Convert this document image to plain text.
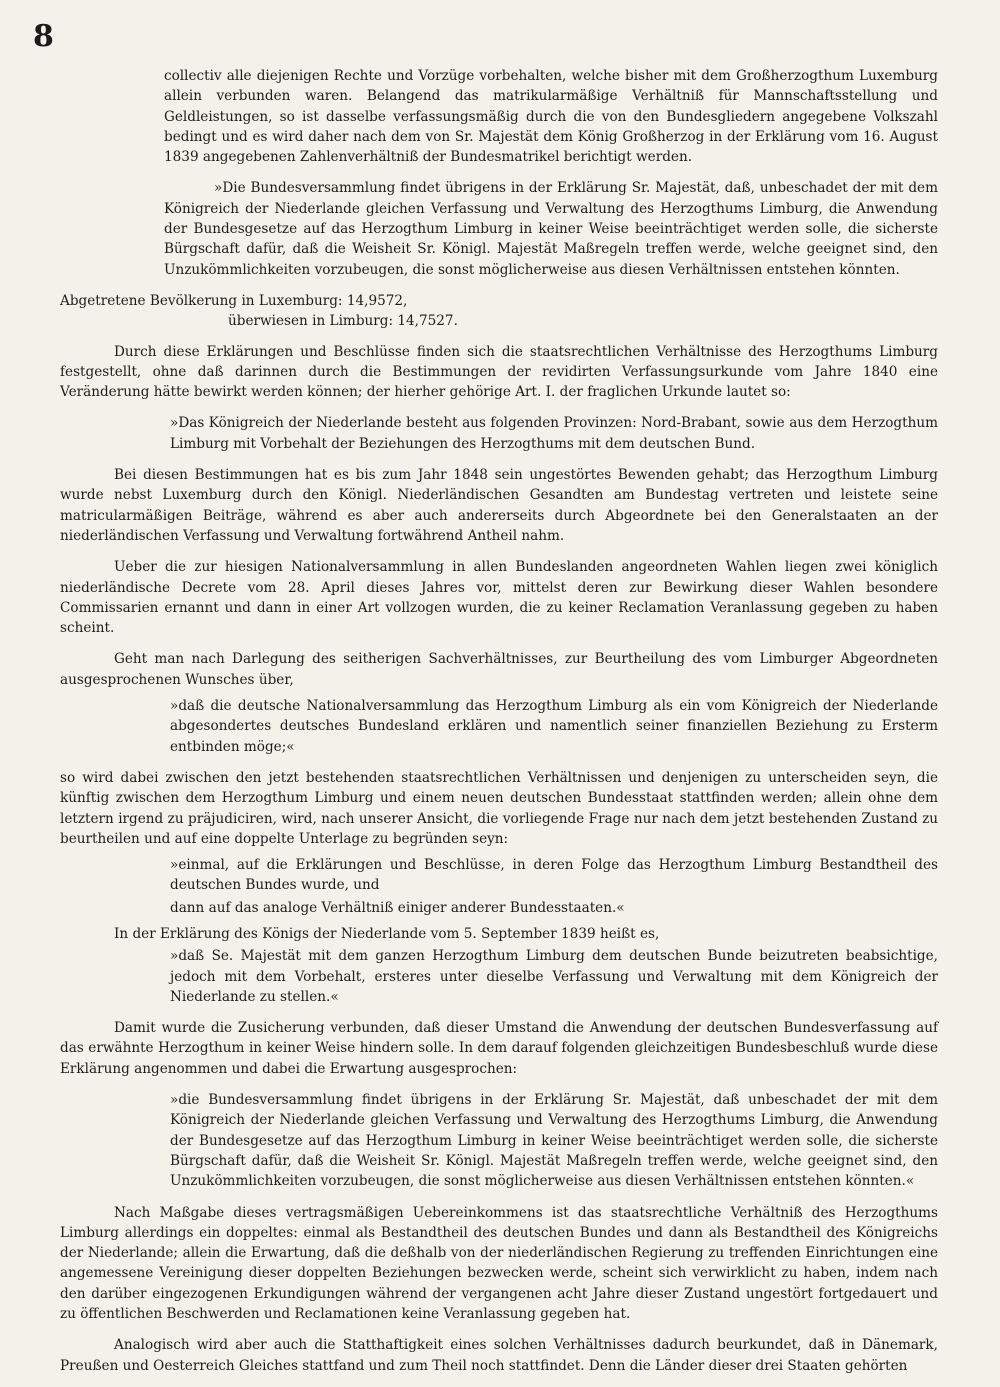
8

collectiv alle diejenigen Rechte und Vorzüge vorbehalten, welche bisher mit dem Großherzogthum Luxemburg allein verbunden waren. Belangend das matrikularmäßige Verhältniß für Mannschaftsstellung und Geldleistungen, so ist dasselbe verfassungsmäßig durch die von den Bundesgliedern angegebene Volkszahl bedingt und es wird daher nach dem von Sr. Majestät dem König Großherzog in der Erklärung vom 16. August 1839 angegebenen Zahlenverhältniß der Bundesmatrikel berichtigt werden.

»Die Bundesversammlung findet übrigens in der Erklärung Sr. Majestät, daß, unbeschadet der mit dem Königreich der Niederlande gleichen Verfassung und Verwaltung des Herzogthums Limburg, die Anwendung der Bundesgesetze auf das Herzogthum Limburg in keiner Weise beeinträchtiget werden solle, die sicherste Bürgschaft dafür, daß die Weisheit Sr. Königl. Majestät Maßregeln treffen werde, welche geeignet sind, den Unzukömmlichkeiten vorzubeugen, die sonst möglicherweise aus diesen Verhältnissen entstehen könnten.

Abgetretene Bevölkerung in Luxemburg: 14,9572,
überwiesen in Limburg: 14,7527.

Durch diese Erklärungen und Beschlüsse finden sich die staatsrechtlichen Verhältnisse des Herzogthums Limburg festgestellt, ohne daß darinnen durch die Bestimmungen der revidirten Verfassungsurkunde vom Jahre 1840 eine Veränderung hätte bewirkt werden können; der hierher gehörige Art. I. der fraglichen Urkunde lautet so:

»Das Königreich der Niederlande besteht aus folgenden Provinzen: Nord-Brabant, sowie aus dem Herzogthum Limburg mit Vorbehalt der Beziehungen des Herzogthums mit dem deutschen Bund.

Bei diesen Bestimmungen hat es bis zum Jahr 1848 sein ungestörtes Bewenden gehabt; das Herzogthum Limburg wurde nebst Luxemburg durch den Königl. Niederländischen Gesandten am Bundestag vertreten und leistete seine matricularmäßigen Beiträge, während es aber auch andererseits durch Abgeordnete bei den Generalstaaten an der niederländischen Verfassung und Verwaltung fortwährend Antheil nahm.

Ueber die zur hiesigen Nationalversammlung in allen Bundeslanden angeordneten Wahlen liegen zwei königlich niederländische Decrete vom 28. April dieses Jahres vor, mittelst deren zur Bewirkung dieser Wahlen besondere Commissarien ernannt und dann in einer Art vollzogen wurden, die zu keiner Reclamation Veranlassung gegeben zu haben scheint.

Geht man nach Darlegung des seitherigen Sachverhältnisses, zur Beurtheilung des vom Limburger Abgeordneten ausgesprochenen Wunsches über,

»daß die deutsche Nationalversammlung das Herzogthum Limburg als ein vom Königreich der Niederlande abgesondertes deutsches Bundesland erklären und namentlich seiner finanziellen Beziehung zu Ersterm entbinden möge;«

so wird dabei zwischen den jetzt bestehenden staatsrechtlichen Verhältnissen und denjenigen zu unterscheiden seyn, die künftig zwischen dem Herzogthum Limburg und einem neuen deutschen Bundesstaat stattfinden werden; allein ohne dem letztern irgend zu präjudiciren, wird, nach unserer Ansicht, die vorliegende Frage nur nach dem jetzt bestehenden Zustand zu beurtheilen und auf eine doppelte Unterlage zu begründen seyn:

»einmal, auf die Erklärungen und Beschlüsse, in deren Folge das Herzogthum Limburg Bestandtheil des deutschen Bundes wurde, und

dann auf das analoge Verhältniß einiger anderer Bundesstaaten.«

In der Erklärung des Königs der Niederlande vom 5. September 1839 heißt es,

»daß Se. Majestät mit dem ganzen Herzogthum Limburg dem deutschen Bunde beizutreten beabsichtige, jedoch mit dem Vorbehalt, ersteres unter dieselbe Verfassung und Verwaltung mit dem Königreich der Niederlande zu stellen.«

Damit wurde die Zusicherung verbunden, daß dieser Umstand die Anwendung der deutschen Bundesverfassung auf das erwähnte Herzogthum in keiner Weise hindern solle. In dem darauf folgenden gleichzeitigen Bundesbeschluß wurde diese Erklärung angenommen und dabei die Erwartung ausgesprochen:

»die Bundesversammlung findet übrigens in der Erklärung Sr. Majestät, daß unbeschadet der mit dem Königreich der Niederlande gleichen Verfassung und Verwaltung des Herzogthums Limburg, die Anwendung der Bundesgesetze auf das Herzogthum Limburg in keiner Weise beeinträchtiget werden solle, die sicherste Bürgschaft dafür, daß die Weisheit Sr. Königl. Majestät Maßregeln treffen werde, welche geeignet sind, den Unzukömmlichkeiten vorzubeugen, die sonst möglicherweise aus diesen Verhältnissen entstehen könnten.«

Nach Maßgabe dieses vertragsmäßigen Uebereinkommens ist das staatsrechtliche Verhältniß des Herzogthums Limburg allerdings ein doppeltes: einmal als Bestandtheil des deutschen Bundes und dann als Bestandtheil des Königreichs der Niederlande; allein die Erwartung, daß die deßhalb von der niederländischen Regierung zu treffenden Einrichtungen eine angemessene Vereinigung dieser doppelten Beziehungen bezwecken werde, scheint sich verwirklicht zu haben, indem nach den darüber eingezogenen Erkundigungen während der vergangenen acht Jahre dieser Zustand ungestört fortgedauert und zu öffentlichen Beschwerden und Reclamationen keine Veranlassung gegeben hat.

Analogisch wird aber auch die Statthaftigkeit eines solchen Verhältnisses dadurch beurkundet, daß in Dänemark, Preußen und Oesterreich Gleiches stattfand und zum Theil noch stattfindet. Denn die Länder dieser drei Staaten gehörten
